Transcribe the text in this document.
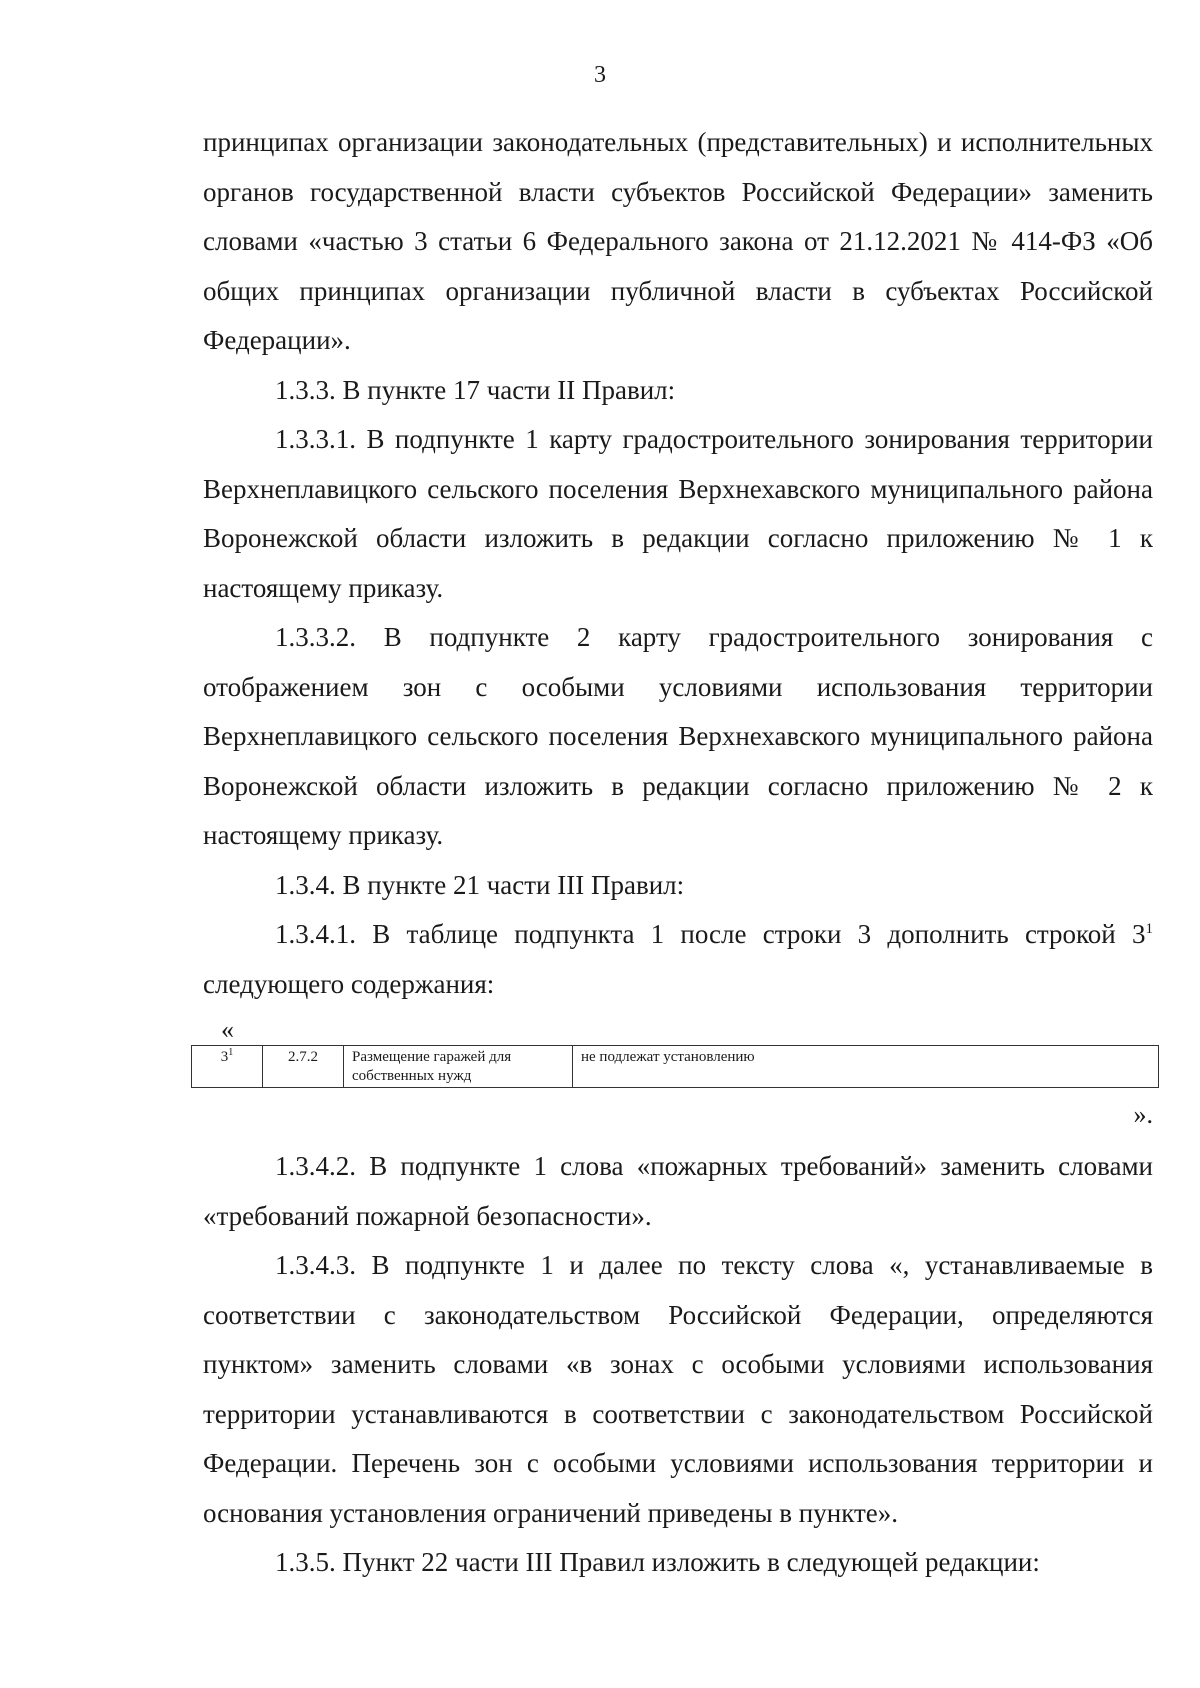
3

принципах организации законодательных (представительных) и исполнительных органов государственной власти субъектов Российской Федерации» заменить словами «частью 3 статьи 6 Федерального закона от 21.12.2021 № 414-ФЗ «Об общих принципах организации публичной власти в субъектах Российской Федерации».

1.3.3. В пункте 17 части II Правил:

1.3.3.1. В подпункте 1 карту градостроительного зонирования территории Верхнеплавицкого сельского поселения Верхнехавского муниципального района Воронежской области изложить в редакции согласно приложению № 1 к настоящему приказу.

1.3.3.2. В подпункте 2 карту градостроительного зонирования с отображением зон с особыми условиями использования территории Верхнеплавицкого сельского поселения Верхнехавского муниципального района Воронежской области изложить в редакции согласно приложению № 2 к настоящему приказу.

1.3.4. В пункте 21 части III Правил:

1.3.4.1. В таблице подпункта 1 после строки 3 дополнить строкой $3^1$ следующего содержания:

«
$3^1$	2.7.2	Размещение гаражей для собственных нужд	не подлежат установлению
».

1.3.4.2. В подпункте 1 слова «пожарных требований» заменить словами «требований пожарной безопасности».

1.3.4.3. В подпункте 1 и далее по тексту слова «, устанавливаемые в соответствии с законодательством Российской Федерации, определяются пунктом» заменить словами «в зонах с особыми условиями использования территории устанавливаются в соответствии с законодательством Российской Федерации. Перечень зон с особыми условиями использования территории и основания установления ограничений приведены в пункте».

1.3.5. Пункт 22 части III Правил изложить в следующей редакции:
